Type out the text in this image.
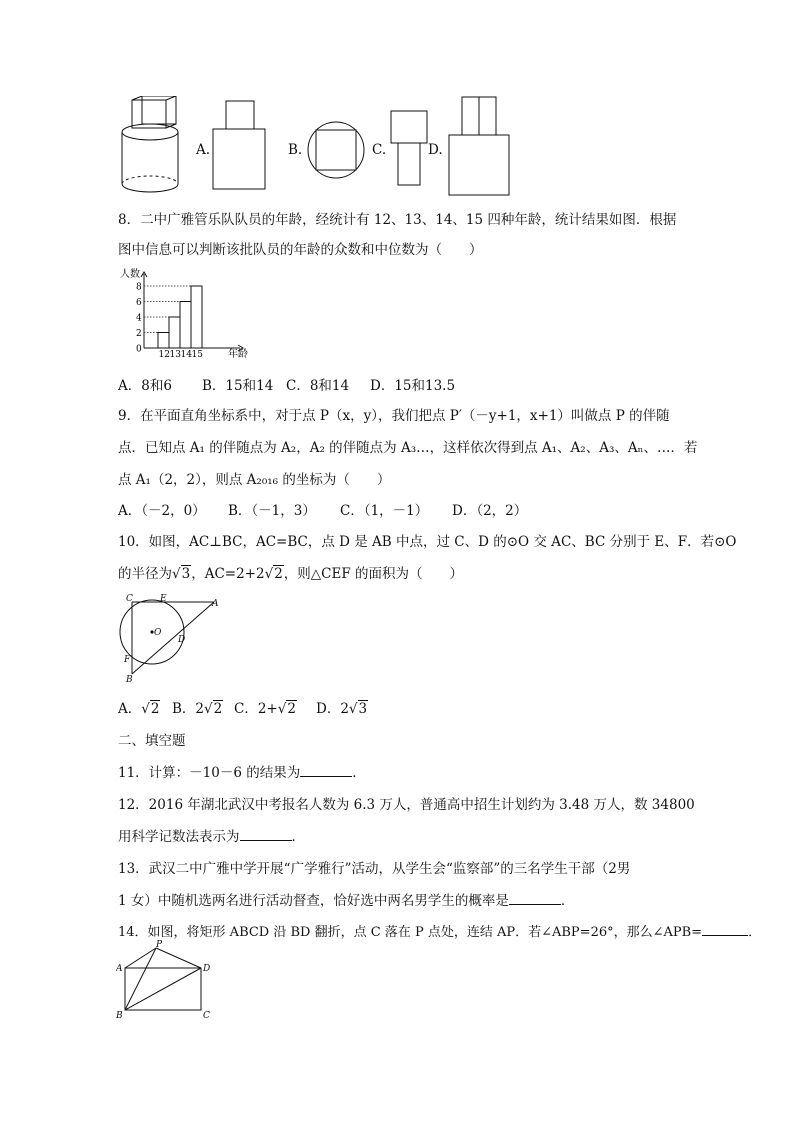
A.	B.	C.	D.
8．二中广雅管乐队队员的年龄，经统计有 12、13、14、15 四种年龄，统计结果如图．根据
图中信息可以判断该批队员的年龄的众数和中位数为（　　）
人数
年龄
0
2
4
6
8
12 13 14 15
A．8和6 B．15和14 C．8和14 D．15和13.5
9．在平面直角坐标系中，对于点 P（x，y），我们把点 P′（－y+1，x+1）叫做点 P 的伴随
点．已知点 A₁ 的伴随点为 A₂，A₂ 的伴随点为 A₃…，这样依次得到点 A₁、A₂、A₃、Aₙ、…．若
点 A₁（2，2），则点 A₂₀₁₆ 的坐标为（　　）
A．（－2，0） B．（－1，3） C．（1，－1） D．（2，2）
10．如图，AC⊥BC，AC=BC，点 D 是 AB 中点，过 C、D 的⊙O 交 AC、BC 分别于 E、F．若⊙O
的半径为√3，AC=2+2√2，则△CEF 的面积为（　　）
C	E	A
O
D
F
B
A．√2 B．2√2 C．2+√2 D．2√3
二、填空题
11．计算：－10－6 的结果为	．
12．2016 年湖北武汉中考报名人数为 6.3 万人，普通高中招生计划约为 3.48 万人，数 34800
用科学记数法表示为	．
13．武汉二中广雅中学开展“广学雅行”活动，从学生会“监察部”的三名学生干部（2男
1 女）中随机选两名进行活动督查，恰好选中两名男学生的概率是	．
14．如图，将矩形 ABCD 沿 BD 翻折，点 C 落在 P 点处，连结 AP．若∠ABP=26°，那么∠APB=	．
P
A	D
B	C
